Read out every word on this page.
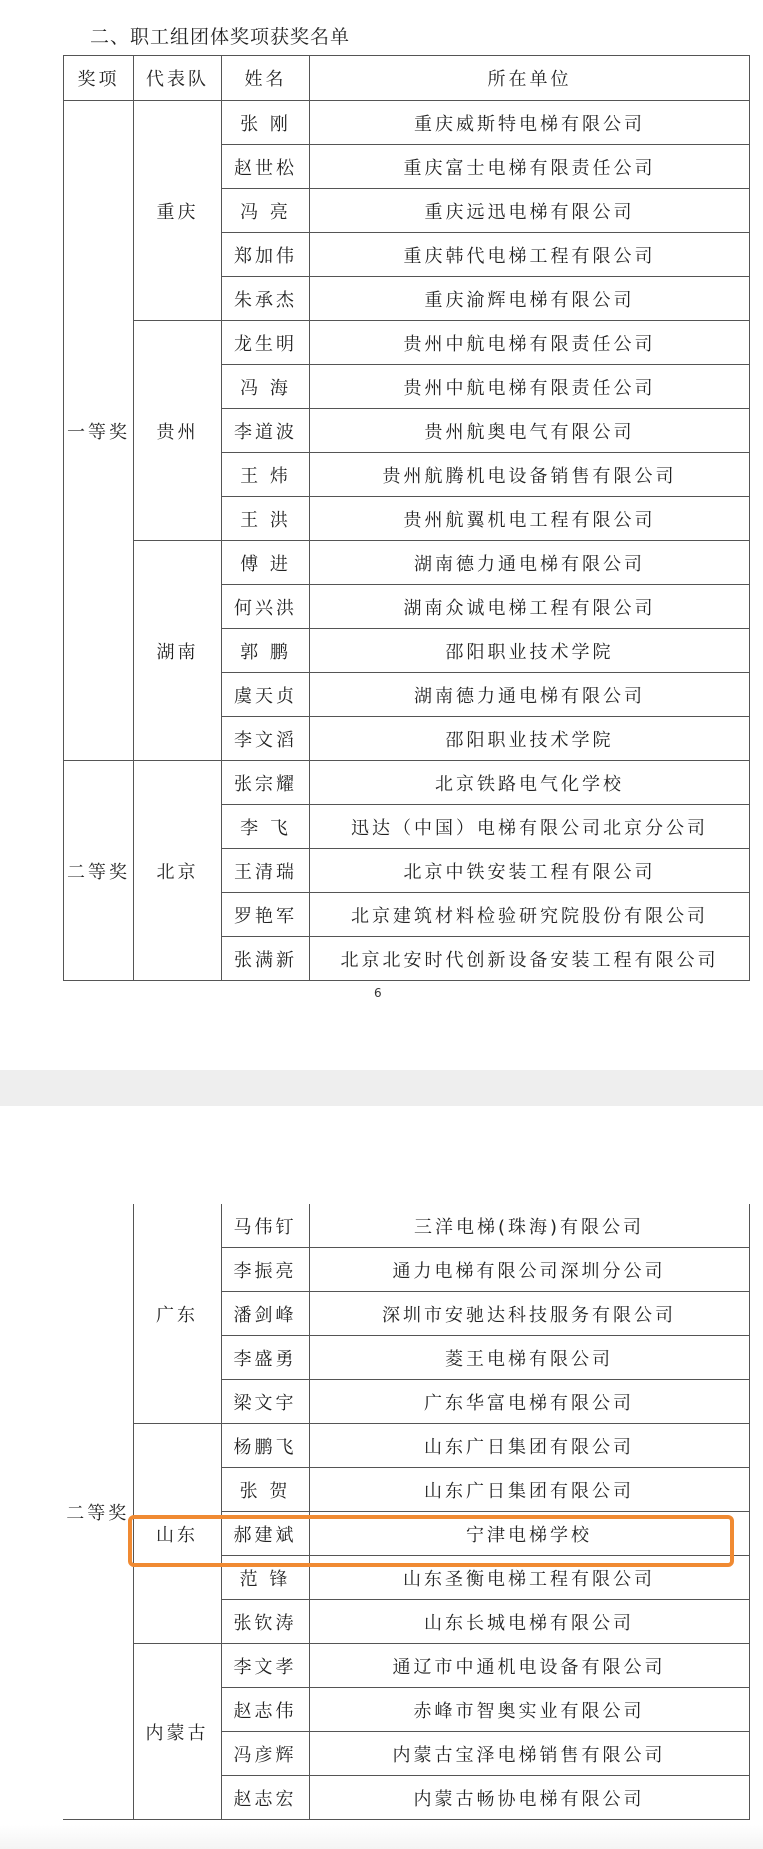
二、职工组团体奖项获奖名单
奖项	代表队	姓名	所在单位
一等奖	重庆	张 刚	重庆威斯特电梯有限公司
		赵世松	重庆富士电梯有限责任公司
		冯 亮	重庆远迅电梯有限公司
		郑加伟	重庆韩代电梯工程有限公司
		朱承杰	重庆渝辉电梯有限公司
	贵州	龙生明	贵州中航电梯有限责任公司
		冯 海	贵州中航电梯有限责任公司
		李道波	贵州航奥电气有限公司
		王 炜	贵州航腾机电设备销售有限公司
		王 洪	贵州航翼机电工程有限公司
	湖南	傅 进	湖南德力通电梯有限公司
		何兴洪	湖南众诚电梯工程有限公司
		郭 鹏	邵阳职业技术学院
		虞天贞	湖南德力通电梯有限公司
		李文滔	邵阳职业技术学院
二等奖	北京	张宗耀	北京铁路电气化学校
		李 飞	迅达（中国）电梯有限公司北京分公司
		王清瑞	北京中铁安装工程有限公司
		罗艳军	北京建筑材料检验研究院股份有限公司
		张满新	北京北安时代创新设备安装工程有限公司
6
二等奖	广东	马伟钉	三洋电梯(珠海)有限公司
		李振亮	通力电梯有限公司深圳分公司
		潘剑峰	深圳市安驰达科技服务有限公司
		李盛勇	菱王电梯有限公司
		梁文宇	广东华富电梯有限公司
	山东	杨鹏飞	山东广日集团有限公司
		张 贺	山东广日集团有限公司
		郝建斌	宁津电梯学校
		范 锋	山东圣衡电梯工程有限公司
		张钦涛	山东长城电梯有限公司
	内蒙古	李文孝	通辽市中通机电设备有限公司
		赵志伟	赤峰市智奥实业有限公司
		冯彦辉	内蒙古宝泽电梯销售有限公司
		赵志宏	内蒙古畅协电梯有限公司
